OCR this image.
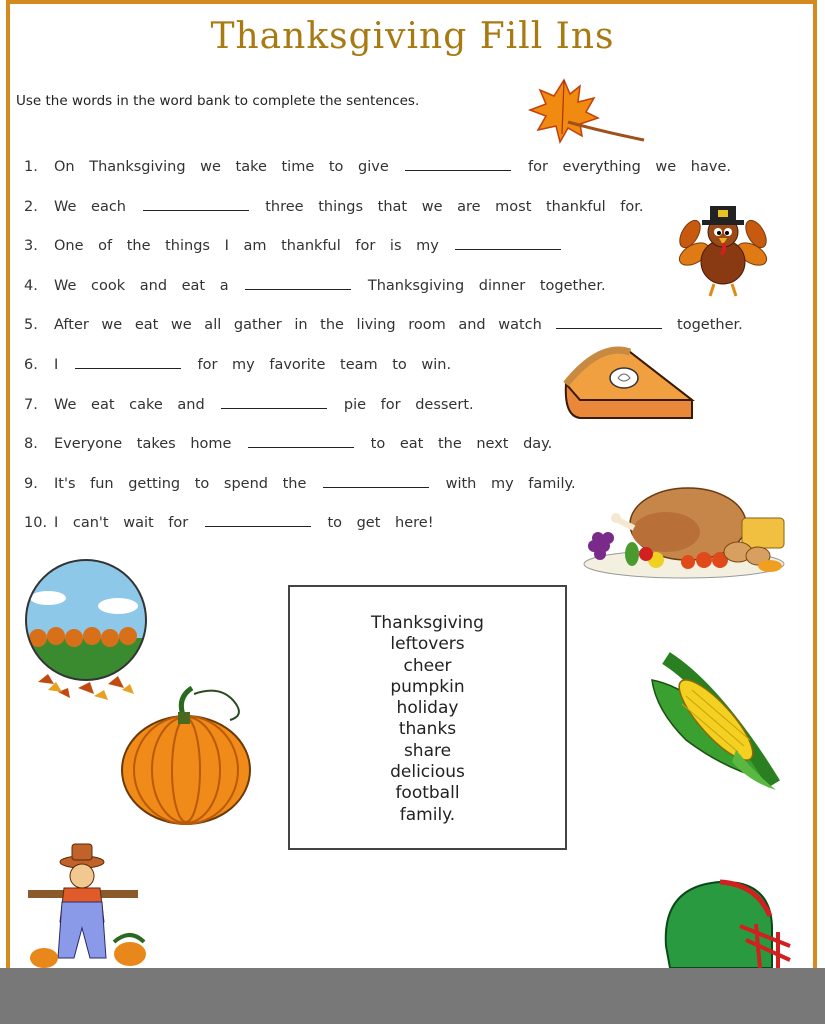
Thanksgiving Fill Ins
Use the words in the word bank to complete the sentences.
1. On Thanksgiving we take time to give	for everything we have.
2. We each	three things that we are most thankful for.
3. One of the things I am thankful for is my
4. We cook and eat a	Thanksgiving dinner together.
5. After we eat we all gather in the living room and watch	together.
6. I	for my favorite team to win.
7. We eat cake and	pie for dessert.
8. Everyone takes home	to eat the next day.
9. It's fun getting to spend the	with my family.
10. I can't wait for	to get here!
Thanksgiving
leftovers
cheer
pumpkin
holiday
thanks
share
delicious
football
family.
